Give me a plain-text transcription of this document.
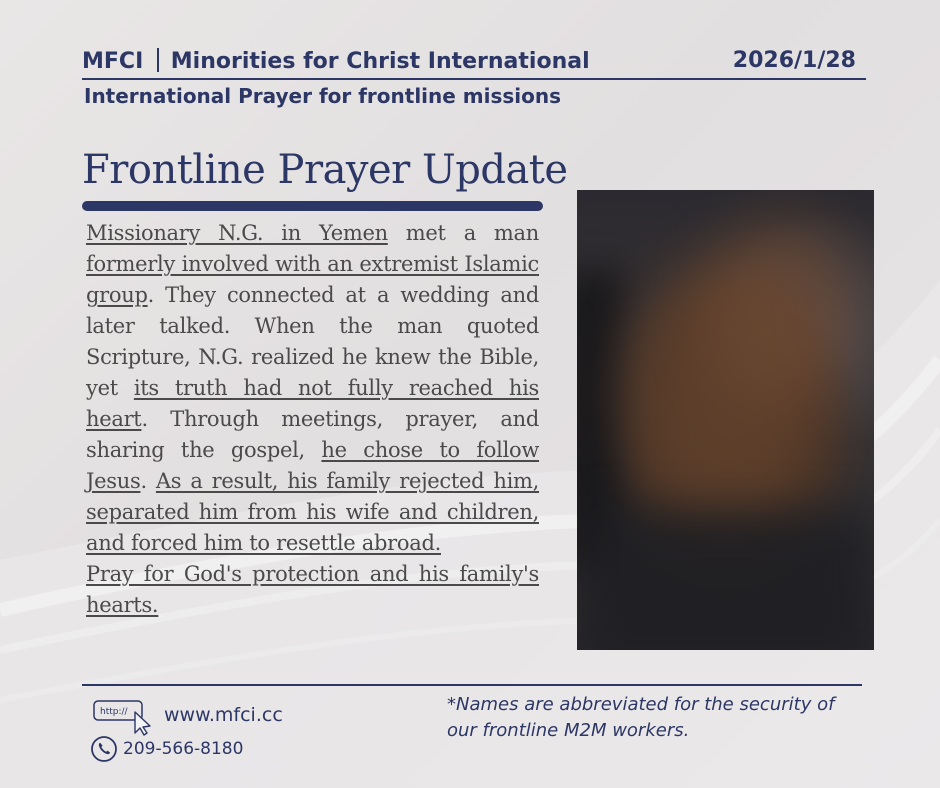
MFCI Minorities for Christ International	2026/1/28
International Prayer for frontline missions
Frontline Prayer Update
Missionary N.G. in Yemen met a man formerly involved with an extremist Islamic group. They connected at a wedding and later talked. When the man quoted Scripture, N.G. realized he knew the Bible, yet its truth had not fully reached his heart. Through meetings, prayer, and sharing the gospel, he chose to follow Jesus. As a result, his family rejected him, separated him from his wife and children, and forced him to resettle abroad.
Pray for God's protection and his family's hearts.
http:// www.mfci.cc
209-566-8180
*Names are abbreviated for the security of our frontline M2M workers.
